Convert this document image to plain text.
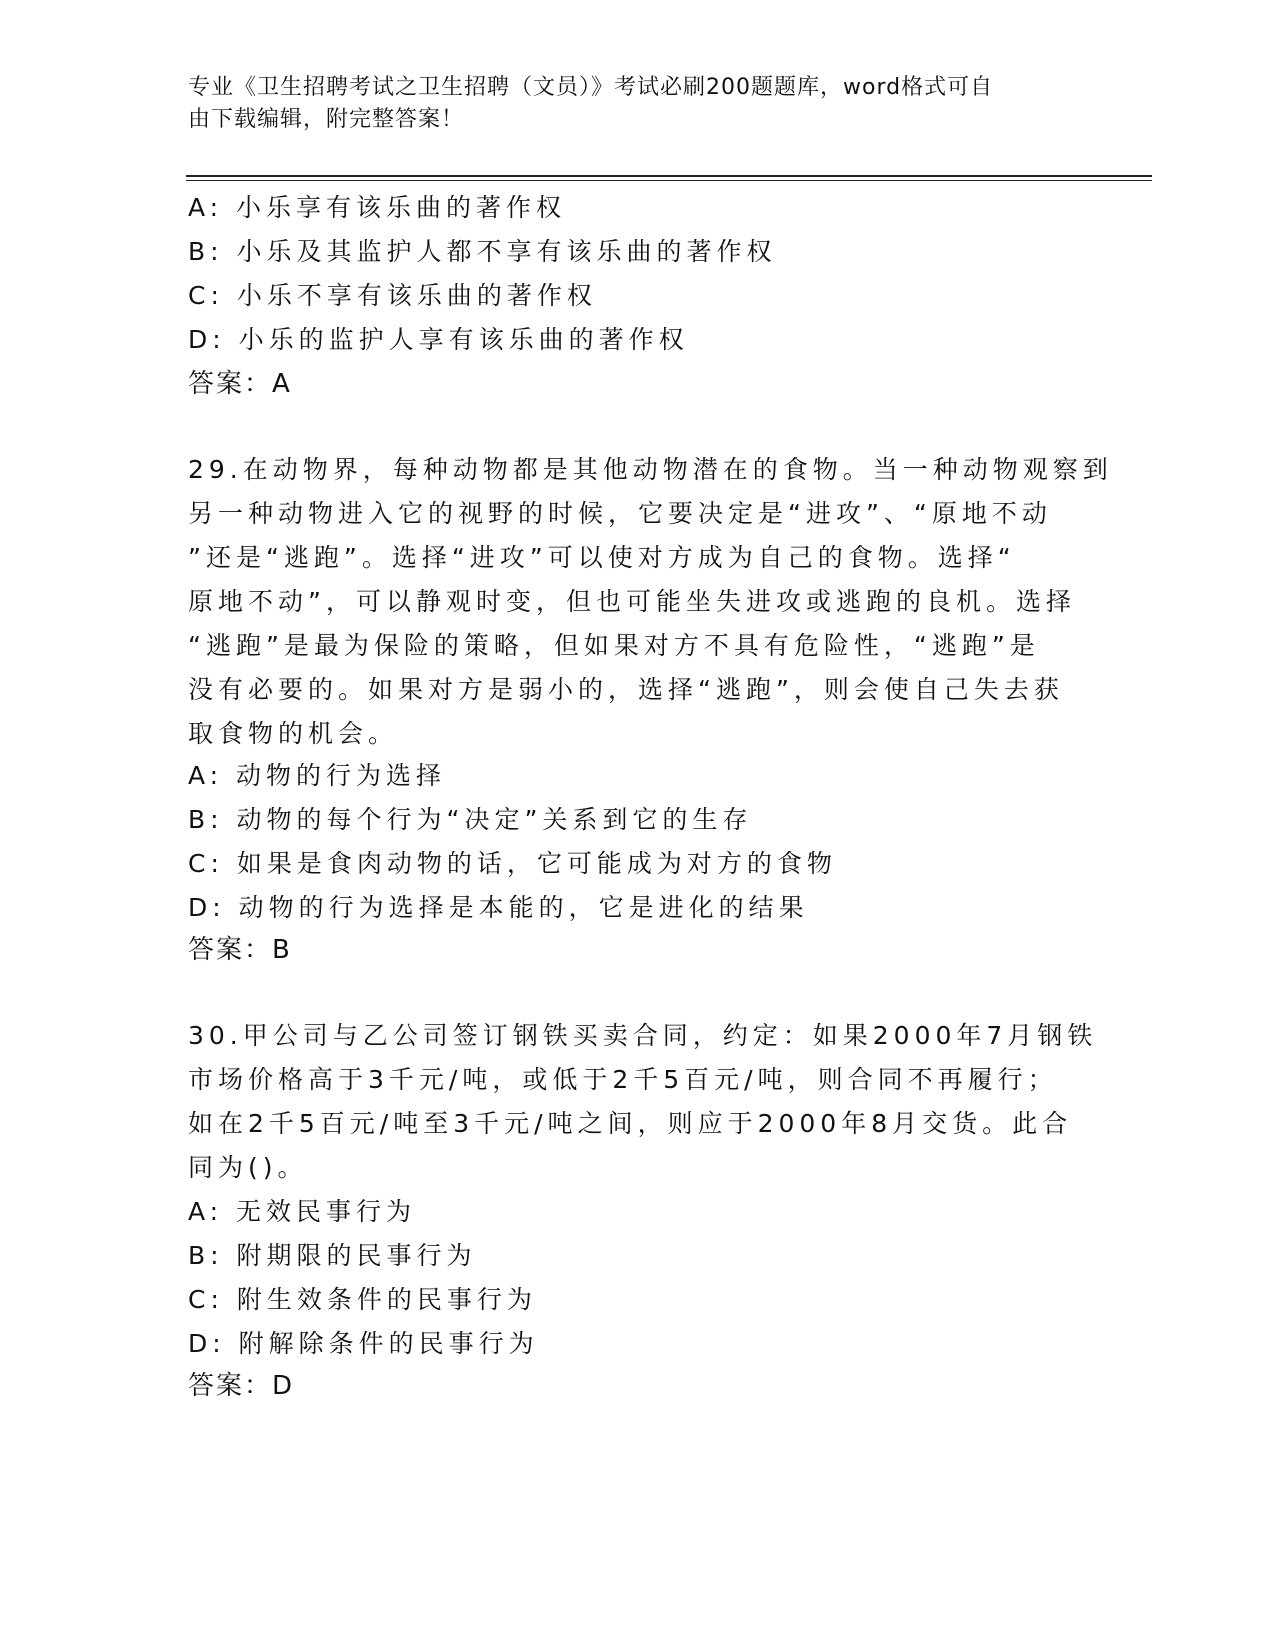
专业《卫生招聘考试之卫生招聘（文员）》考试必刷200题题库，word格式可自
由下载编辑，附完整答案！
A: 小乐享有该乐曲的著作权
B: 小乐及其监护人都不享有该乐曲的著作权
C: 小乐不享有该乐曲的著作权
D: 小乐的监护人享有该乐曲的著作权
答案：A
29.在动物界，每种动物都是其他动物潜在的食物。当一种动物观察到
另一种动物进入它的视野的时候，它要决定是“进攻”、“原地不动
”还是“逃跑”。选择“进攻”可以使对方成为自己的食物。选择“
原地不动”，可以静观时变，但也可能坐失进攻或逃跑的良机。选择
“逃跑”是最为保险的策略，但如果对方不具有危险性，“逃跑”是
没有必要的。如果对方是弱小的，选择“逃跑”，则会使自己失去获
取食物的机会。
A: 动物的行为选择
B: 动物的每个行为“决定”关系到它的生存
C: 如果是食肉动物的话，它可能成为对方的食物
D: 动物的行为选择是本能的，它是进化的结果
答案：B
30.甲公司与乙公司签订钢铁买卖合同，约定：如果2000年7月钢铁
市场价格高于3千元/吨，或低于2千5百元/吨，则合同不再履行；
如在2千5百元/吨至3千元/吨之间，则应于2000年8月交货。此合
同为()。
A: 无效民事行为
B: 附期限的民事行为
C: 附生效条件的民事行为
D: 附解除条件的民事行为
答案：D
